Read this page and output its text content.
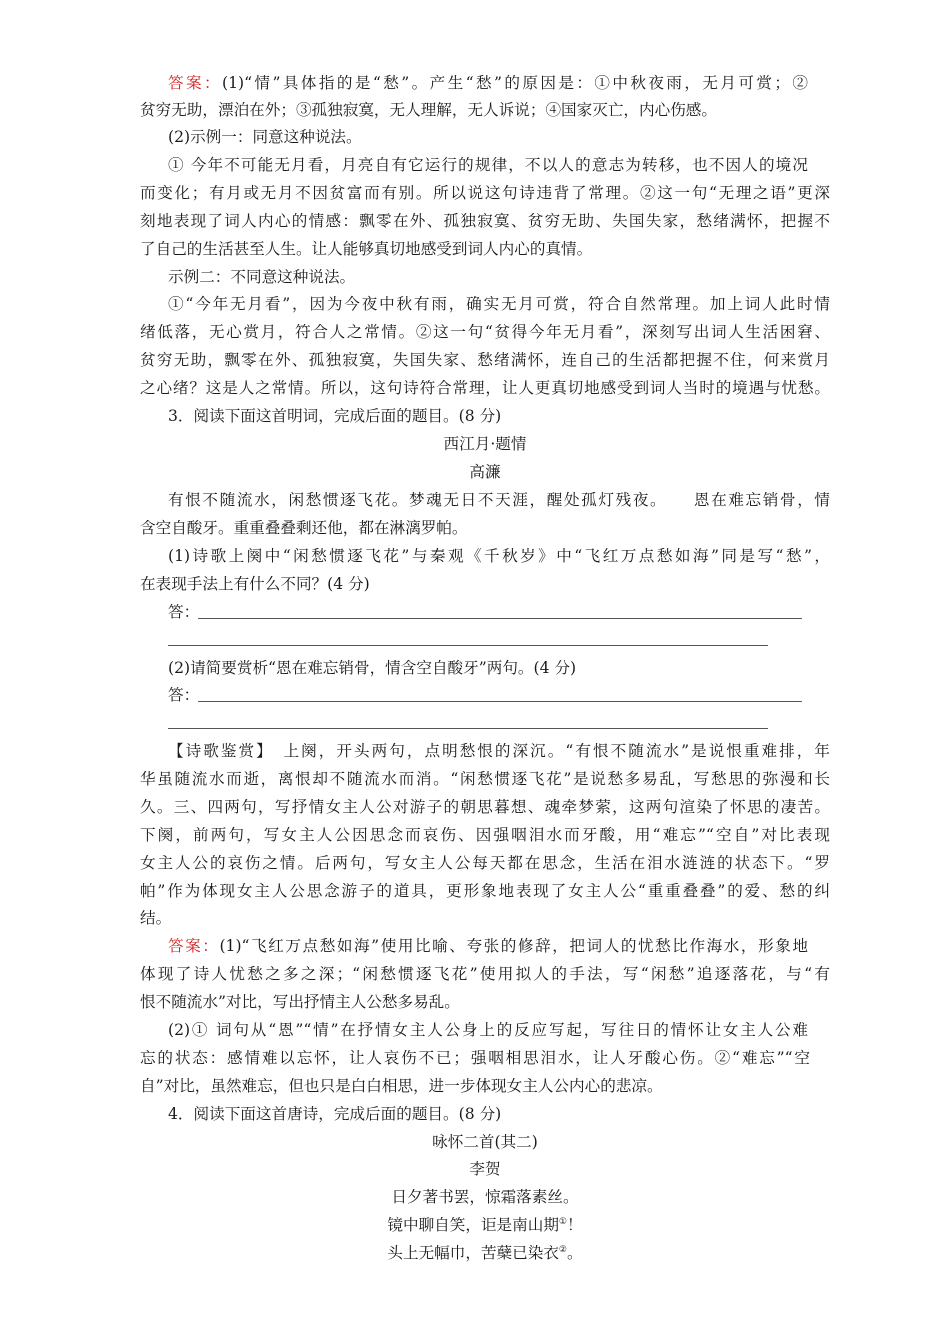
答案：(1)“情”具体指的是“愁”。产生“愁”的原因是：①中秋夜雨，无月可赏；②
贫穷无助，漂泊在外；③孤独寂寞，无人理解，无人诉说；④国家灭亡，内心伤感。
(2)示例一：同意这种说法。
① 今年不可能无月看，月亮自有它运行的规律，不以人的意志为转移，也不因人的境况
而变化；有月或无月不因贫富而有别。所以说这句诗违背了常理。②这一句“无理之语”更深
刻地表现了词人内心的情感：飘零在外、孤独寂寞、贫穷无助、失国失家，愁绪满怀，把握不
了自己的生活甚至人生。让人能够真切地感受到词人内心的真情。
示例二：不同意这种说法。
①“今年无月看”，因为今夜中秋有雨，确实无月可赏，符合自然常理。加上词人此时情
绪低落，无心赏月，符合人之常情。②这一句“贫得今年无月看”，深刻写出词人生活困窘、
贫穷无助，飘零在外、孤独寂寞，失国失家、愁绪满怀，连自己的生活都把握不住，何来赏月
之心绪？这是人之常情。所以，这句诗符合常理，让人更真切地感受到词人当时的境遇与忧愁。
3．阅读下面这首明词，完成后面的题目。(8 分)
西江月·题情
高濂
有恨不随流水，闲愁惯逐飞花。梦魂无日不天涯，醒处孤灯残夜。　　恩在难忘销骨，情
含空自酸牙。重重叠叠剩还他，都在淋漓罗帕。
(1)诗歌上阕中“闲愁惯逐飞花”与秦观《千秋岁》中“飞红万点愁如海”同是写“愁”，
在表现手法上有什么不同？(4 分)
答：
(2)请简要赏析“恩在难忘销骨，情含空自酸牙”两句。(4 分)
答：
【诗歌鉴赏】　上阕，开头两句，点明愁恨的深沉。“有恨不随流水”是说恨重难排，年
华虽随流水而逝，离恨却不随流水而消。“闲愁惯逐飞花”是说愁多易乱，写愁思的弥漫和长
久。三、四两句，写抒情女主人公对游子的朝思暮想、魂牵梦萦，这两句渲染了怀思的凄苦。
下阕，前两句，写女主人公因思念而哀伤、因强咽泪水而牙酸，用“难忘”“空自”对比表现
女主人公的哀伤之情。后两句，写女主人公每天都在思念，生活在泪水涟涟的状态下。“罗
帕”作为体现女主人公思念游子的道具，更形象地表现了女主人公“重重叠叠”的爱、愁的纠
结。
答案：(1)“飞红万点愁如海”使用比喻、夸张的修辞，把词人的忧愁比作海水，形象地
体现了诗人忧愁之多之深；“闲愁惯逐飞花”使用拟人的手法，写“闲愁”追逐落花，与“有
恨不随流水”对比，写出抒情主人公愁多易乱。
(2)① 词句从“恩”“情”在抒情女主人公身上的反应写起，写往日的情怀让女主人公难
忘的状态：感情难以忘怀，让人哀伤不已；强咽相思泪水，让人牙酸心伤。②“难忘”“空
自”对比，虽然难忘，但也只是白白相思，进一步体现女主人公内心的悲凉。
4．阅读下面这首唐诗，完成后面的题目。(8 分)
咏怀二首(其二)
李贺
日夕著书罢，惊霜落素丝。
镜中聊自笑，讵是南山期①！
头上无幅巾，苦蘖已染衣②。
